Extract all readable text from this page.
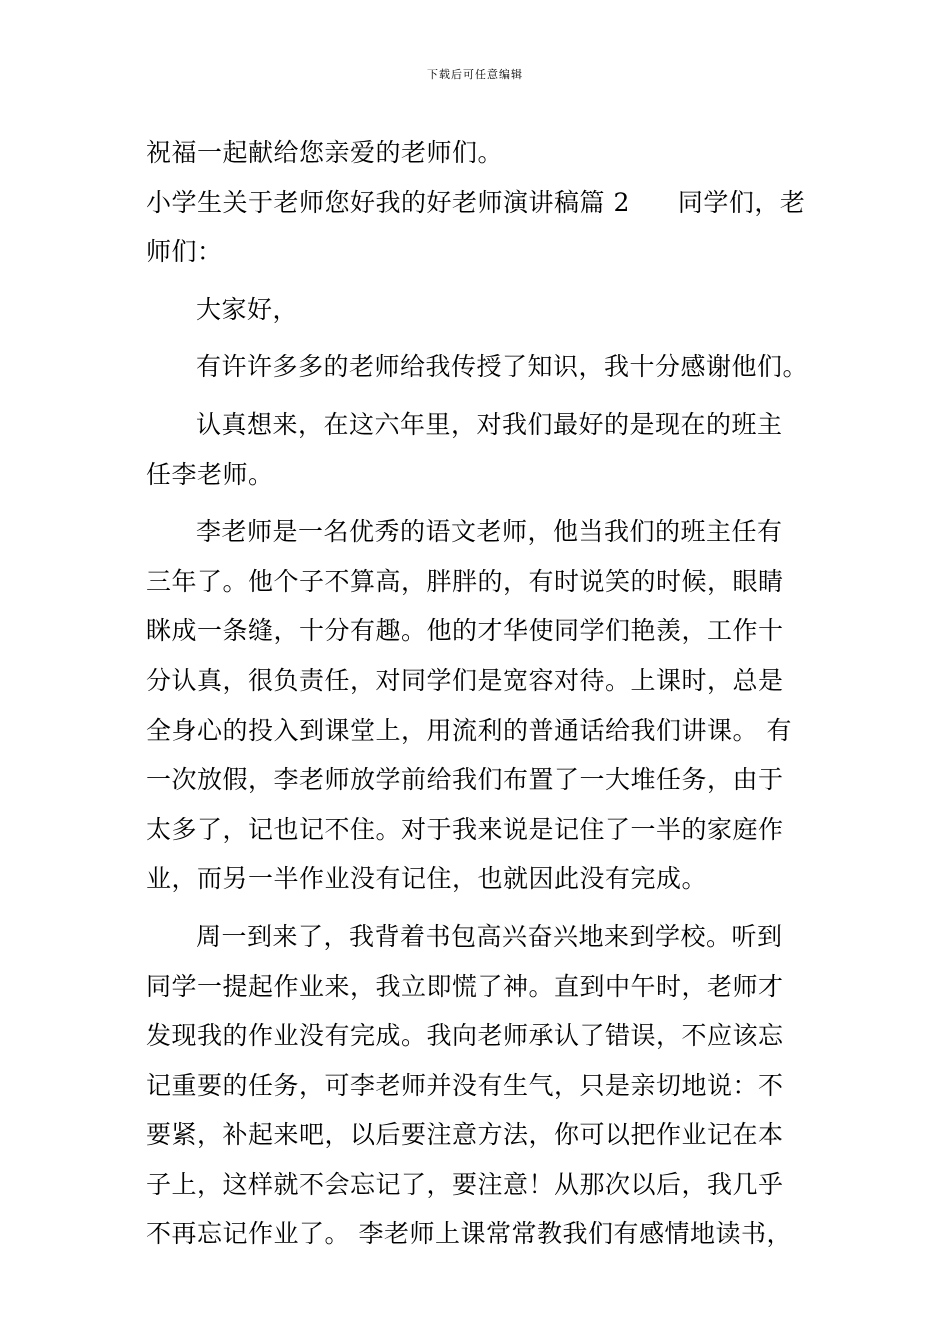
下载后可任意编辑
祝福一起献给您亲爱的老师们。
小学生关于老师您好我的好老师演讲稿篇 2 同学们，老
师们：
大家好，
有许许多多的老师给我传授了知识，我十分感谢他们。
认真想来，在这六年里，对我们最好的是现在的班主
任李老师。
李老师是一名优秀的语文老师，他当我们的班主任有
三年了。他个子不算高，胖胖的，有时说笑的时候，眼睛
眯成一条缝，十分有趣。他的才华使同学们艳羡，工作十
分认真，很负责任，对同学们是宽容对待。上课时，总是
全身心的投入到课堂上，用流利的普通话给我们讲课。 有
一次放假，李老师放学前给我们布置了一大堆任务，由于
太多了，记也记不住。对于我来说是记住了一半的家庭作
业，而另一半作业没有记住，也就因此没有完成。
周一到来了，我背着书包高兴奋兴地来到学校。听到
同学一提起作业来，我立即慌了神。直到中午时，老师才
发现我的作业没有完成。我向老师承认了错误，不应该忘
记重要的任务，可李老师并没有生气，只是亲切地说：不
要紧，补起来吧，以后要注意方法，你可以把作业记在本
子上，这样就不会忘记了，要注意！从那次以后，我几乎
不再忘记作业了。 李老师上课常常教我们有感情地读书，
